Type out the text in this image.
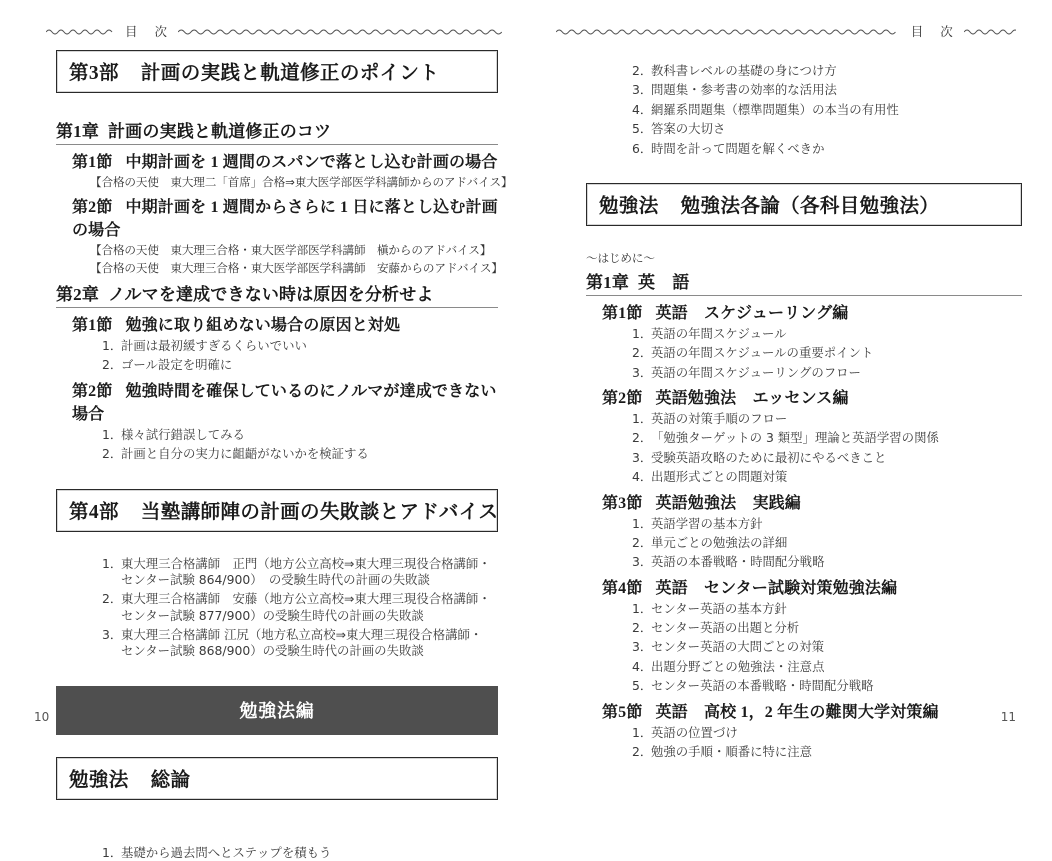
目　次
第3部 計画の実践と軌道修正のポイント
第1章 計画の実践と軌道修正のコツ
第1節 中期計画を 1 週間のスパンで落とし込む計画の場合
【合格の天使　東大理二「首席」合格⇒東大医学部医学科講師からのアドバイス】
第2節 中期計画を 1 週間からさらに 1 日に落とし込む計画の場合
【合格の天使　東大理三合格・東大医学部医学科講師　槇からのアドバイス】
【合格の天使　東大理三合格・東大医学部医学科講師　安藤からのアドバイス】
第2章 ノルマを達成できない時は原因を分析せよ
第1節 勉強に取り組めない場合の原因と対処
1．計画は最初緩すぎるくらいでいい
2．ゴール設定を明確に
第2節 勉強時間を確保しているのにノルマが達成できない場合
1．様々試行錯誤してみる
2．計画と自分の実力に齟齬がないかを検証する
第4部 当塾講師陣の計画の失敗談とアドバイス
1．東大理三合格講師　正門（地方公立高校⇒東大理三現役合格講師・センター試験 864/900）　の受験生時代の計画の失敗談
2．東大理三合格講師　安藤（地方公立高校⇒東大理三現役合格講師・センター試験 877/900）の受験生時代の計画の失敗談
3．東大理三合格講師 江尻（地方私立高校⇒東大理三現役合格講師・センター試験 868/900）の受験生時代の計画の失敗談
勉強法編
勉強法 総論
1．基礎から過去問へとステップを積もう
10
目　次
2．教科書レベルの基礎の身につけ方
3．問題集・参考書の効率的な活用法
4．網羅系問題集（標準問題集）の本当の有用性
5．答案の大切さ
6．時間を計って問題を解くべきか
勉強法 勉強法各論（各科目勉強法）
～はじめに～
第1章 英　語
第1節 英語　スケジューリング編
1．英語の年間スケジュール
2．英語の年間スケジュールの重要ポイント
3．英語の年間スケジューリングのフロー
第2節 英語勉強法　エッセンス編
1．英語の対策手順のフロー
2．「勉強ターゲットの 3 類型」理論と英語学習の関係
3．受験英語攻略のために最初にやるべきこと
4．出題形式ごとの問題対策
第3節 英語勉強法　実践編
1．英語学習の基本方針
2．単元ごとの勉強法の詳細
3．英語の本番戦略・時間配分戦略
第4節 英語　センター試験対策勉強法編
1．センター英語の基本方針
2．センター英語の出題と分析
3．センター英語の大問ごとの対策
4．出題分野ごとの勉強法・注意点
5．センター英語の本番戦略・時間配分戦略
第5節 英語　高校 1，2 年生の難関大学対策編
1．英語の位置づけ
2．勉強の手順・順番に特に注意
11
